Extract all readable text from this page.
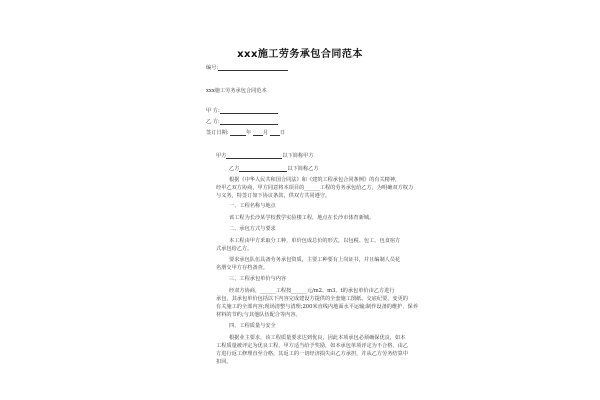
xxx施工劳务承包合同范本
编号:
xxx施工劳务承包合同范本
甲 方:
乙 方:
签订日期:	年 月 日
甲方	以下简称甲方
乙方	以下简称乙方
根据《中华人民共和国合同法》和《建筑工程承包合同条例》的有关精神，
经甲乙双方协商，甲方同意将本项目的______工程的劳务承包给乙方，为明确双方权力
与义务，特签订如下协议条款，供双方共同遵守。
一、工程名称与地点
该工程为长沙某学校教学实验楼工程，地点在长沙市体育新城。
二、承包方式与要求
本工程由甲方釆取分工种，单价包成总价的形式，以包税、包工、包食宿方
式承包给乙方。
要求承包队伍具备劳务承包资质，主要工种要有上岗证书，并且编制人员花
名册交甲方存档备查。
三、工程承包单价与内容
经双方协商，______工程按______元/m2、m3、t的承包单价由乙方进行
承包，其承包单价包括以下内容完成建设方提供的全套施工图纸、交底纪要、变更的
有关施工的全部内容;现场清整与清理;200米直线内地面水平运输;制作设备的维护、保养
材料的节约;与其他队伍配合等内容。
四、工程质量与安全
根据业主要求，该工程质量要求达到优良，因此本项承包必须确保优良，如本
工程质量被评定为优良工程，甲方适当给予奖励，如本承包单项评定为不合格，由乙
方进行返工修理直至合格，其返工的一切经济损失由乙方承担，并从乙方劳务结算中
扣回。
